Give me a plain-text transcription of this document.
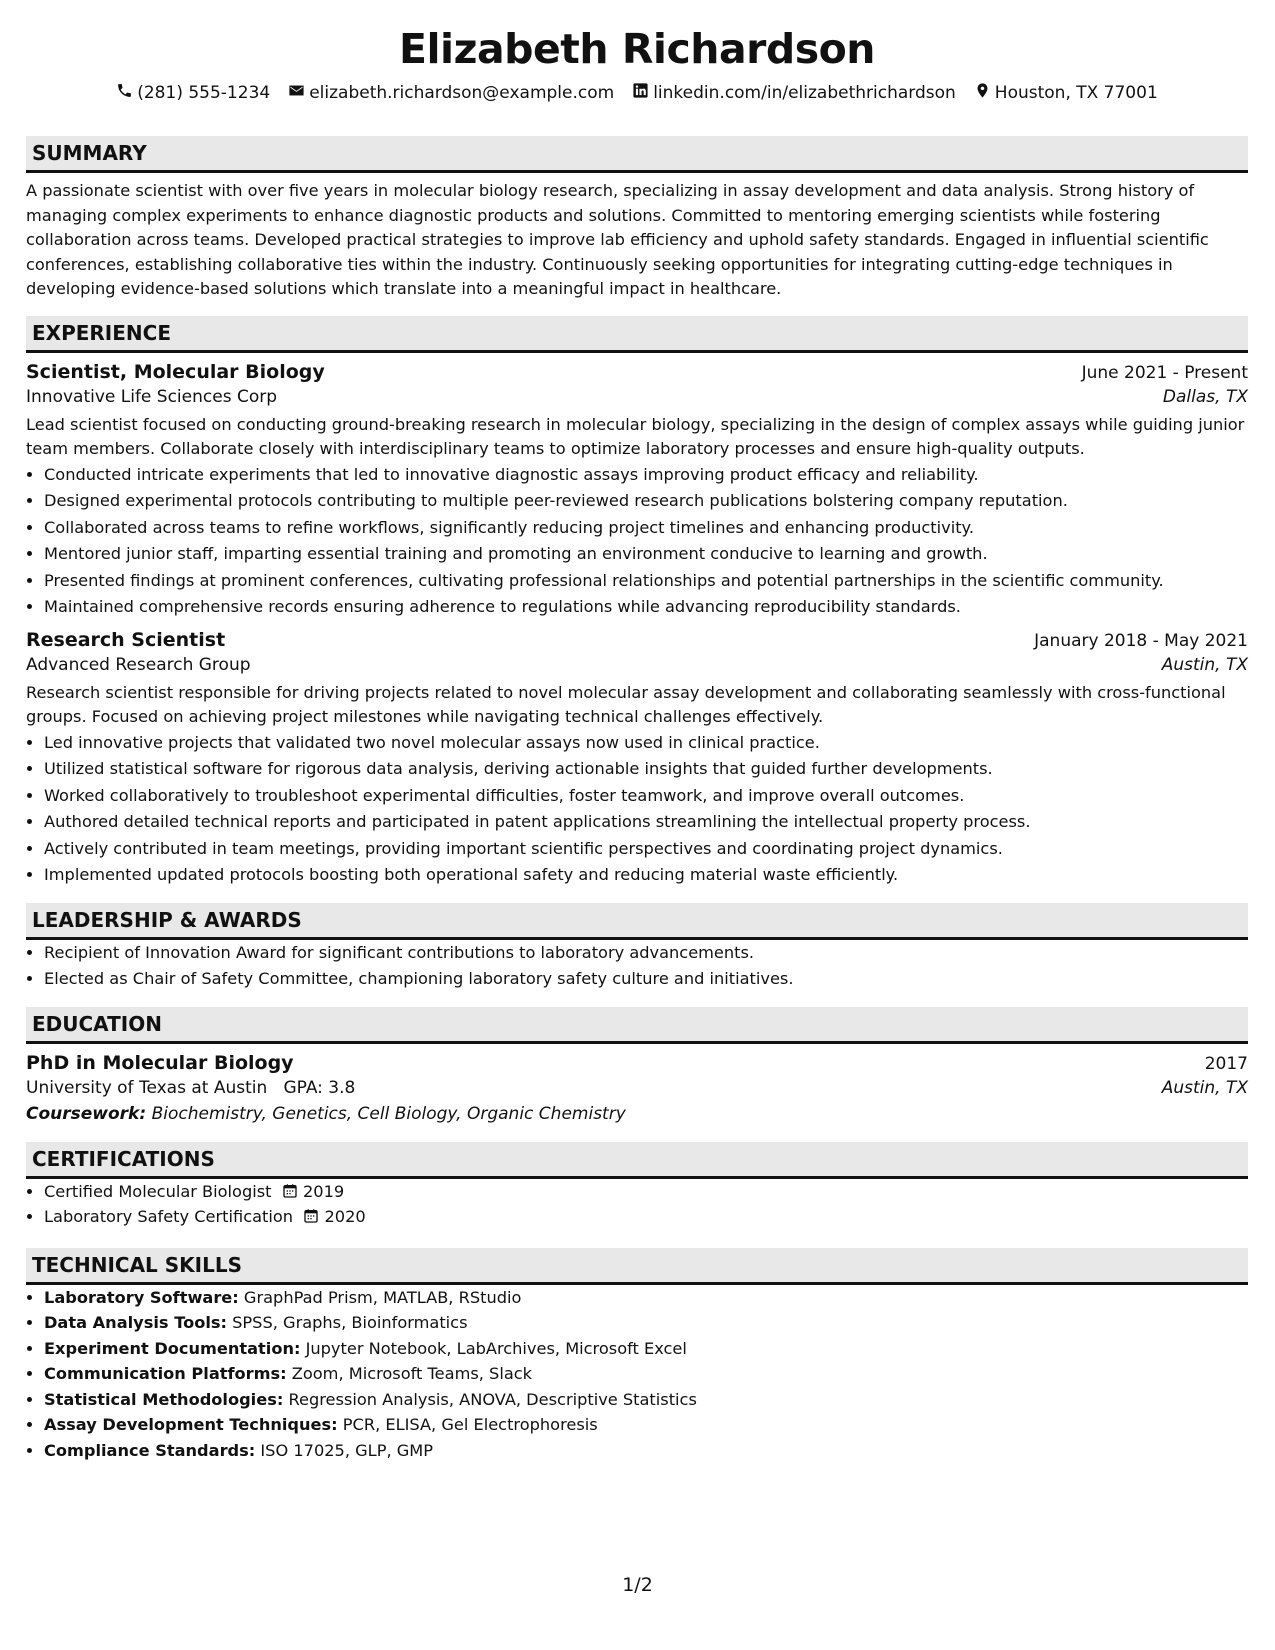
Elizabeth Richardson
(281) 555-1234 elizabeth.richardson@example.com linkedin.com/in/elizabethrichardson Houston, TX 77001
SUMMARY

A passionate scientist with over five years in molecular biology research, specializing in assay development and data analysis. Strong history of managing complex experiments to enhance diagnostic products and solutions. Committed to mentoring emerging scientists while fostering collaboration across teams. Developed practical strategies to improve lab efficiency and uphold safety standards. Engaged in influential scientific conferences, establishing collaborative ties within the industry. Continuously seeking opportunities for integrating cutting-edge techniques in developing evidence-based solutions which translate into a meaningful impact in healthcare.

EXPERIENCE
Scientist, Molecular Biology	June 2021 - Present
Innovative Life Sciences Corp	Dallas, TX

Lead scientist focused on conducting ground-breaking research in molecular biology, specializing in the design of complex assays while guiding junior team members. Collaborate closely with interdisciplinary teams to optimize laboratory processes and ensure high-quality outputs.

• Conducted intricate experiments that led to innovative diagnostic assays improving product efficacy and reliability.
• Designed experimental protocols contributing to multiple peer-reviewed research publications bolstering company reputation.
• Collaborated across teams to refine workflows, significantly reducing project timelines and enhancing productivity.
• Mentored junior staff, imparting essential training and promoting an environment conducive to learning and growth.
• Presented findings at prominent conferences, cultivating professional relationships and potential partnerships in the scientific community.
• Maintained comprehensive records ensuring adherence to regulations while advancing reproducibility standards.
Research Scientist	January 2018 - May 2021
Advanced Research Group	Austin, TX

Research scientist responsible for driving projects related to novel molecular assay development and collaborating seamlessly with cross-functional groups. Focused on achieving project milestones while navigating technical challenges effectively.

• Led innovative projects that validated two novel molecular assays now used in clinical practice.
• Utilized statistical software for rigorous data analysis, deriving actionable insights that guided further developments.
• Worked collaboratively to troubleshoot experimental difficulties, foster teamwork, and improve overall outcomes.
• Authored detailed technical reports and participated in patent applications streamlining the intellectual property process.
• Actively contributed in team meetings, providing important scientific perspectives and coordinating project dynamics.
• Implemented updated protocols boosting both operational safety and reducing material waste efficiently.
LEADERSHIP & AWARDS
• Recipient of Innovation Award for significant contributions to laboratory advancements.
• Elected as Chair of Safety Committee, championing laboratory safety culture and initiatives.
EDUCATION
PhD in Molecular Biology	2017
University of Texas at Austin GPA: 3.8	Austin, TX
Coursework: Biochemistry, Genetics, Cell Biology, Organic Chemistry
CERTIFICATIONS
• Certified Molecular Biologist 2019
• Laboratory Safety Certification 2020
TECHNICAL SKILLS
• Laboratory Software: GraphPad Prism, MATLAB, RStudio
• Data Analysis Tools: SPSS, Graphs, Bioinformatics
• Experiment Documentation: Jupyter Notebook, LabArchives, Microsoft Excel
• Communication Platforms: Zoom, Microsoft Teams, Slack
• Statistical Methodologies: Regression Analysis, ANOVA, Descriptive Statistics
• Assay Development Techniques: PCR, ELISA, Gel Electrophoresis
• Compliance Standards: ISO 17025, GLP, GMP
1/2
